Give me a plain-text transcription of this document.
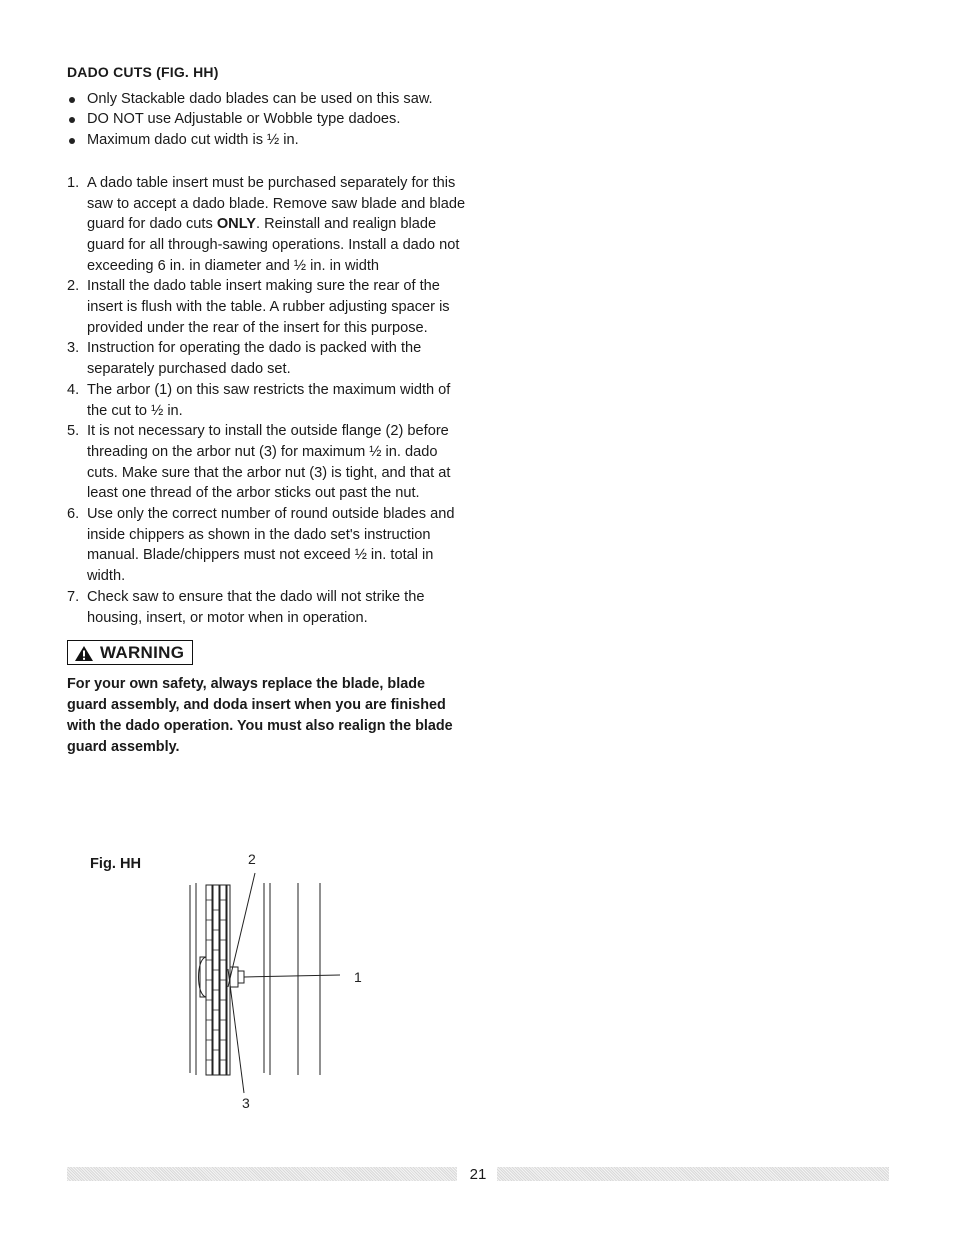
DADO CUTS (FIG. HH)
Only Stackable dado blades can be used on this saw.
DO NOT use Adjustable or Wobble type dadoes.
Maximum dado cut width is ½ in.
1. A dado table insert must be purchased separately for this saw to accept a dado blade. Remove saw blade and blade guard for dado cuts ONLY. Reinstall and realign blade guard for all through-sawing operations. Install a dado not exceeding 6 in. in diameter and ½ in. in width
2. Install the dado table insert making sure the rear of the insert is flush with the table. A rubber adjusting spacer is provided under the rear of the insert for this purpose.
3. Instruction for operating the dado is packed with the separately purchased dado set.
4. The arbor (1) on this saw restricts the maximum width of the cut to ½ in.
5. It is not necessary to install the outside flange (2) before threading on the arbor nut (3) for maximum ½ in. dado cuts. Make sure that the arbor nut (3) is tight, and that at least one thread of the arbor sticks out past the nut.
6. Use only the correct number of round outside blades and inside chippers as shown in the dado set's instruction manual. Blade/chippers must not exceed ½ in. total in width.
7. Check saw to ensure that the dado will not strike the housing, insert, or motor when in operation.
WARNING
For your own safety, always replace the blade, blade guard assembly, and doda insert when you are finished with the dado operation. You must also realign the blade guard assembly.
Fig. HH	2
1
3
21
